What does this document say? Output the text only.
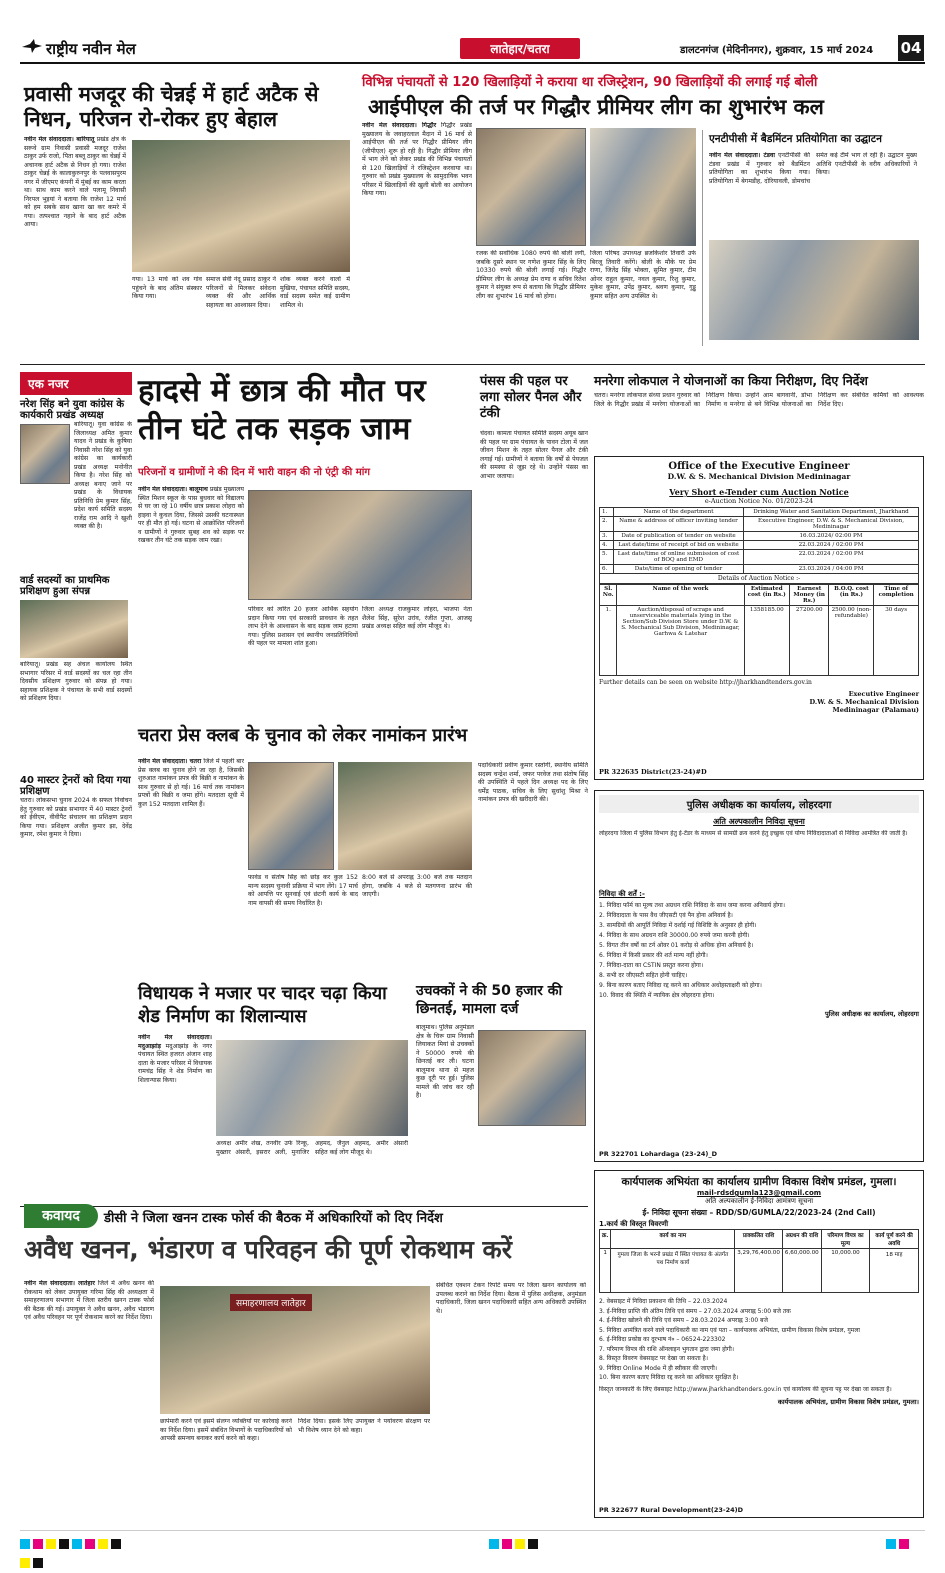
राष्ट्रीय नवीन मेल	लातेहार/चतरा	डालटनगंज (मेदिनीनगर), शुक्रवार, 15 मार्च 2024 04
प्रवासी मजदूर की चेन्नई में हार्ट अटैक से निधन, परिजन रो-रोकर हुए बेहाल
नवीन मेल संवाददाता। बारियातू प्रखंड क्षेत्र के सरूवे ग्राम निवासी प्रवासी मजदूर राजेश ठाकुर उर्फ राजो, पिता बब्लू ठाकुर का चेन्नई में अचानक हार्ट अटैक से निधन हो गया। राजेश ठाकुर चेन्नई के कालाकुरुनपुर के पलवासपुरम नगर में जीएमए कंपनी में मुंबई का काम करता था। साथ काम करने वाले पलामू निवासी निरपल भुइयां ने बताया कि राजेश 12 मार्च को हम सबके साथ खाना खा कर कमरे में गया। तत्पश्चात नहाने के बाद हार्ट अटैक आया।
गया। 13 मार्च को शव गांव पहुंचने के बाद अंतिम संस्कार किया गया।
समाज सेवी नंदू प्रसाद ठाकुर ने परिजनों से मिलकर संवेदना व्यक्त की और आर्थिक सहायता का आश्वासन दिया।
शोक व्यक्त करने वालों में मुखिया, पंचायत समिति सदस्य, वार्ड सदस्य समेत कई ग्रामीण शामिल थे।
विभिन्न पंचायतों से 120 खिलाड़ियों ने कराया था रजिस्ट्रेशन, 90 खिलाड़ियों की लगाई गई बोली
आईपीएल की तर्ज पर गिद्धौर प्रीमियर लीग का शुभारंभ कल
नवीन मेल संवाददाता। गिद्धौर गिद्धौर प्रखंड मुख्यालय के जवाहरलाल मैदान में 16 मार्च से आईपीएल की तर्ज पर गिद्धौर प्रीमियर लीग (जीपीएल) शुरू हो रही है। गिद्धौर प्रीमियर लीग में भाग लेने को लेकर प्रखंड की विभिन्न पंचायतों से 120 खिलाड़ियों ने रजिस्ट्रेशन करवाया था। गुरुवार को प्रखंड मुख्यालय के सामुदायिक भवन परिसर में खिलाड़ियों की खुली बोली का आयोजन किया गया।
रजक की सर्वाधिक 1080 रुपये की बोली लगी, जबकि दूसरे स्थान पर गणेश कुमार सिंह के लिए 10330 रुपये की बोली लगाई गई। गिद्धौर प्रीमियर लीग के अध्यक्ष प्रेम राणा व सचिव रितेश कुमार ने संयुक्त रूप से बताया कि गिद्धौर प्रीमियर लीग का शुभारंभ 16 मार्च को होगा।
जिला परिषद उपाध्यक्ष ब्रजकिशोर तिवारी उर्फ बिरजू तिवारी करेंगे। बोली के मौके पर प्रेम राणा, जितेंद्र सिंह भोक्ता, सुमित कुमार, टीम ओनर राहुल कुमार, नवल कुमार, रिशु कुमार, मुकेश कुमार, उपेंद्र कुमार, श्रवण कुमार, गुड्डू कुमार सहित अन्य उपस्थित थे।
एनटीपीसी में बैडमिंटन प्रतियोगिता का उद्घाटन
नवीन मेल संवाददाता। टंडवा एनटीपीसी की टंडवा प्रखंड में गुरुवार को बैडमिंटन प्रतियोगिता का शुभारंभ किया गया। प्रतियोगिता में बेगमडीह, दोरियावली, डोमचांच समेत कई टीमें भाग ले रही हैं। उद्घाटन मुख्य अतिथि एनटीपीसी के वरीय अधिकारियों ने किया।
एक नजर
नरेश सिंह बने युवा कांग्रेस के कार्यकारी प्रखंड अध्यक्ष
बारियातू। युवा कांग्रेस के जिलाध्यक्ष अमित कुमार यादव ने प्रखंड के कुषिया निवासी नरेश सिंह को युवा कांग्रेस का कार्यकारी प्रखंड अध्यक्ष मनोनीत किया है। नरेश सिंह को अध्यक्ष बनाए जाने पर प्रखंड के विधायक प्रतिनिधि प्रेम कुमार सिंह, प्रदेश कार्य समिति सदस्य राजेंद्र राम आदि ने खुशी व्यक्त की है।
वार्ड सदस्यों का प्राथमिक प्रशिक्षण हुआ संपन्न
बारियातू। प्रखंड सह अंचल कार्यालय स्थित सभागार परिसर में वार्ड सदस्यों का चल रहा तीन दिवसीय प्रशिक्षण गुरुवार को संपन्न हो गया। सहायक प्रशिक्षक ने पंचायत के सभी वार्ड सदस्यों को प्रशिक्षण दिया।
40 मास्टर ट्रेनरों को दिया गया प्रशिक्षण
चतरा। लोकसभा चुनाव 2024 के सफल निर्वाचन हेतु गुरुवार को प्रखंड सभागार में 40 मास्टर ट्रेनरों को ईवीएम, वीवीपैट संचालन का प्रशिक्षण प्रदान किया गया। प्रशिक्षण अजीत कुमार झा, देवेंद्र कुमार, रमेश कुमार ने दिया।
हादसे में छात्र की मौत पर तीन घंटे तक सड़क जाम
परिजनों व ग्रामीणों ने की दिन में भारी वाहन की नो एंट्री की मांग
नवीन मेल संवाददाता। बालूमाथ प्रखंड मुख्यालय स्थित मिशन स्कूल के पास बुधवार को विद्यालय से घर जा रहे 10 वर्षीय छात्र प्रकाश लोहरा को हाइवा ने कुचल दिया, जिससे उसकी घटनास्थल पर ही मौत हो गई। घटना से आक्रोशित परिजनों व ग्रामीणों ने गुरुवार सुबह शव को सड़क पर रखकर तीन घंटे तक सड़क जाम रखा।
परिवार को त्वरित 20 हजार आर्थिक सहयोग प्रदान किया गया एवं सरकारी प्रावधान के तहत लाभ देने के आश्वासन के बाद सड़क जाम हटाया गया। पुलिस प्रशासन एवं स्थानीय जनप्रतिनिधियों की पहल पर मामला शांत हुआ।
जिला अध्यक्ष राजकुमार लोहरा, भाजपा नेता शैलेश सिंह, सुरेश उरांव, रंजीत गुप्ता, आजसू प्रखंड अध्यक्ष सहित कई लोग मौजूद थे।
पंसस की पहल पर लगा सोलर पैनल और टंकी
चंदवा। कामता पंचायत समिति सदस्य अयूब खान की पहल पर ग्राम पंचायत के पावन टोला में जल जीवन मिशन के तहत सोलर पैनल और टंकी लगाई गई। ग्रामीणों ने बताया कि वर्षों से पेयजल की समस्या से जूझ रहे थे। उन्होंने पंसस का आभार जताया।
मनरेगा लोकपाल ने योजनाओं का किया निरीक्षण, दिए निर्देश
चतरा। मनरेगा लोकपाल संध्या प्रधान गुरुवार को जिले के गिद्धौर प्रखंड में मनरेगा योजनाओं का निरीक्षण किया। उन्होंने आम बागवानी, डोभा निर्माण व मनरेगा से बने विभिन्न योजनाओं का निरीक्षण कर संबंधित कर्मियों को आवश्यक निर्देश दिए।
Office of the Executive Engineer
D.W. & S. Mechanical Division Medininagar
Very Short e-Tender cum Auction Notice
e-Auction Notice No. 01/2023-24
1.	Name of the department	Drinking Water and Sanitation Department, Jharkhand
2.	Name & address of officer inviting tender	Executive Engineer, D.W. & S. Mechanical Division, Medininagar
3.	Date of publication of tender on website	16.03.2024/ 02:00 PM
4.	Last date/time of receipt of bid on website	22.03.2024 / 02:00 PM
5.	Last date/time of online submission of cost of BOQ and EMD	22.03.2024 / 02:00 PM
6.	Date/time of opening of tender	23.03.2024 / 04:00 PM
Details of Auction Notice :-
Sl. No.	Name of the work	Estimated cost (in Rs.)	Earnest Money (in Rs.)	B.O.Q. cost (in Rs.)	Time of completion
1.	Auction/disposal of scraps and unserviceable materials lying in the Section/Sub Division Store under D.W. & S. Mechanical Sub Division, Medininagar, Garhwa & Latehar	1358185.00	27200.00	2500.00 (non-refundable)	30 days
Further details can be seen on website http://jharkhandtenders.gov.in
Executive Engineer
D.W. & S. Mechanical Division
Medininagar (Palamau)
PR 322635 District(23-24)#D
चतरा प्रेस क्लब के चुनाव को लेकर नामांकन प्रारंभ
नवीन मेल संवाददाता। चतरा जिले में पहली बार प्रेस क्लब का चुनाव होने जा रहा है, जिसकी शुरुआत नामांकन प्रपत्र की बिक्री व नामांकन के साथ गुरुवार से हो गई। 16 मार्च तक नामांकन प्रपत्रों की बिक्री व जमा होंगे। मतदाता सूची में कुल 152 मतदाता शामिल हैं।
फार्वड व संतोष सिंह को छोड़ कर कुल 152 मान्य सदस्य चुनावी प्रक्रिया में भाग लेंगे। 17 मार्च को आपत्ति पर सुनवाई एवं छंटनी कार्य के बाद नाम वापसी की समय निर्धारित है।
8:00 बजे से अपराह्न 3:00 बजे तक मतदान होगा, जबकि 4 बजे से मतगणना प्रारंभ की जाएगी।
पदाधिकारी प्रवीण कुमार रस्तोगी, स्थानीय समिति सदस्य चन्द्रेश शर्मा, जफर परवेज तथा संतोष सिंह की उपस्थिति में पहले दिन अध्यक्ष पद के लिए धर्मेंद्र पाठक, सचिव के लिए सुधांशु मिश्रा ने नामांकन प्रपत्र की खरीदारी की।
विधायक ने मजार पर चादर चढ़ा किया शेड निर्माण का शिलान्यास
नवीन मेल संवाददाता। मदुआझांड़ मदुआझांड़ के नगर पंचायत स्थित हजरत अंजान शाह दाता के मजार परिसर में विधायक रामचंद्र सिंह ने शेड निर्माण का शिलान्यास किया।
अध्यक्ष अमीर शेख, तनवीर उर्फ रिन्कू, मुख्तार अंसारी, इसरार अली, मुनाजिर अहमद, जैनुल अहमद, अमीर अंसारी सहित कई लोग मौजूद थे।
उचक्कों ने की 50 हजार की छिनतई, मामला दर्ज
बालूमाथ। पुलिस अनुमंडल क्षेत्र के चिरू ग्राम निवासी लियाकत मियां से उचक्कों ने 50000 रुपये की छिनतई कर ली। घटना बालूमाथ थाना से महज कुछ दूरी पर हुई। पुलिस मामले की जांच कर रही है।
पुलिस अधीक्षक का कार्यालय, लोहरदगा
अति अल्पकालीन निविदा सूचना
लोहरदगा जिला में पुलिस विभाग हेतु ई-टेंडर के माध्यम से सामग्री क्रय करने हेतु इच्छुक एवं योग्य निविदादाताओं से निविदा आमंत्रित की जाती है।
निविदा की शर्तें :-
1. निविदा फॉर्म का मूल्य तथा अग्रधन राशि निविदा के साथ जमा करना अनिवार्य होगा।
2. निविदादाता के पास वैध जीएसटी एवं पैन होना अनिवार्य है।
3. सामग्रियों की आपूर्ति निविदा में दर्शाई गई विशिष्टि के अनुसार ही होगी।
4. निविदा के साथ अग्रधन राशि 30000.00 रुपये जमा करनी होगी।
5. विगत तीन वर्षों का टर्न ओवर 01 करोड़ से अधिक होना अनिवार्य है।
6. निविदा में किसी प्रकार की शर्त मान्य नहीं होगी।
7. निविदा-दाता का CSTIN प्रस्तुत करना होगा।
8. सभी दर जीएसटी सहित होनी चाहिए।
9. बिना कारण बताए निविदा रद्द करने का अधिकार अधोहस्ताक्षरी को होगा।
10. विवाद की स्थिति में न्यायिक क्षेत्र लोहरदगा होगा।
पुलिस अधीक्षक का कार्यालय, लोहरदगा
PR 322701 Lohardaga (23-24)_D
कवायद	डीसी ने जिला खनन टास्क फोर्स की बैठक में अधिकारियों को दिए निर्देश
अवैध खनन, भंडारण व परिवहन की पूर्ण रोकथाम करें
नवीन मेल संवाददाता। लातेहार जिले में अवैध खनन की रोकथाम को लेकर उपायुक्त गरिमा सिंह की अध्यक्षता में समाहरणालय सभागार में जिला स्तरीय खनन टास्क फोर्स की बैठक की गई। उपायुक्त ने अवैध खनन, अवैध भंडारण एवं अवैध परिवहन पर पूर्ण रोकथाम करने का निर्देश दिया।
समाहरणालय लातेहार
छापेमारी करने एवं इसमें संलग्न व्यक्तियों पर कार्रवाई करने का निर्देश दिया। इसमें संबंधित विभागों के पदाधिकारियों को आपसी समन्वय बनाकर कार्य करने को कहा।
निर्देश दिया। इसके लिए उपायुक्त ने पर्यावरण संरक्षण पर भी विशेष ध्यान देने को कहा।
संबंधित एक्शन टेकन रिपोर्ट समय पर जिला खनन कार्यालय को उपलब्ध कराने का निर्देश दिया। बैठक में पुलिस अधीक्षक, अनुमंडल पदाधिकारी, जिला खनन पदाधिकारी सहित अन्य अधिकारी उपस्थित थे।
कार्यपालक अभियंता का कार्यालय ग्रामीण विकास विशेष प्रमंडल, गुमला।
mail-rdsdgumla123@gmail.com
अति अल्पकालीन ई-निविदा आमंत्रण सूचना
ई- निविदा सूचना संख्या – RDD/SD/GUMLA/22/2023-24 (2nd Call)
1.कार्य की विस्तृत विवरणी
क्र.	कार्य का नाम	प्राक्कलित राशि	अग्रधन की राशि	परिमाण विपत्र का मूल्य	कार्य पूर्ण करने की अवधि
1	गुमला जिला के भरनो प्रखंड में स्थित पंचायत के अंतर्गत पथ निर्माण कार्य	3,29,76,400.00	6,60,000.00	10,000.00	18 माह
2. वेबसाइट में निविदा प्रकाशन की तिथि – 22.03.2024
3. ई-निविदा प्राप्ति की अंतिम तिथि एवं समय – 27.03.2024 अपराह्न 5:00 बजे तक
4. ई-निविदा खोलने की तिथि एवं समय – 28.03.2024 अपराह्न 3:00 बजे
5. निविदा आमंत्रित करने वाले पदाधिकारी का नाम एवं पता – कार्यपालक अभियंता, ग्रामीण विकास विशेष प्रमंडल, गुमला
6. ई-निविदा प्रकोष्ठ का दूरभाष नं० – 06524-223302
7. परिमाण विपत्र की राशि ऑनलाइन भुगतान द्वारा जमा होगी।
8. विस्तृत विवरण वेबसाइट पर देखा जा सकता है।
9. निविदा Online Mode में ही स्वीकार की जाएगी।
10. बिना कारण बताए निविदा रद्द करने का अधिकार सुरक्षित है।
विस्तृत जानकारी के लिए वेबसाइट http://www.jharkhandtenders.gov.in एवं कार्यालय की सूचना पट्ट पर देखा जा सकता है।
कार्यपालक अभियंता, ग्रामीण विकास विशेष प्रमंडल, गुमला।
PR 322677 Rural Development(23-24)D
